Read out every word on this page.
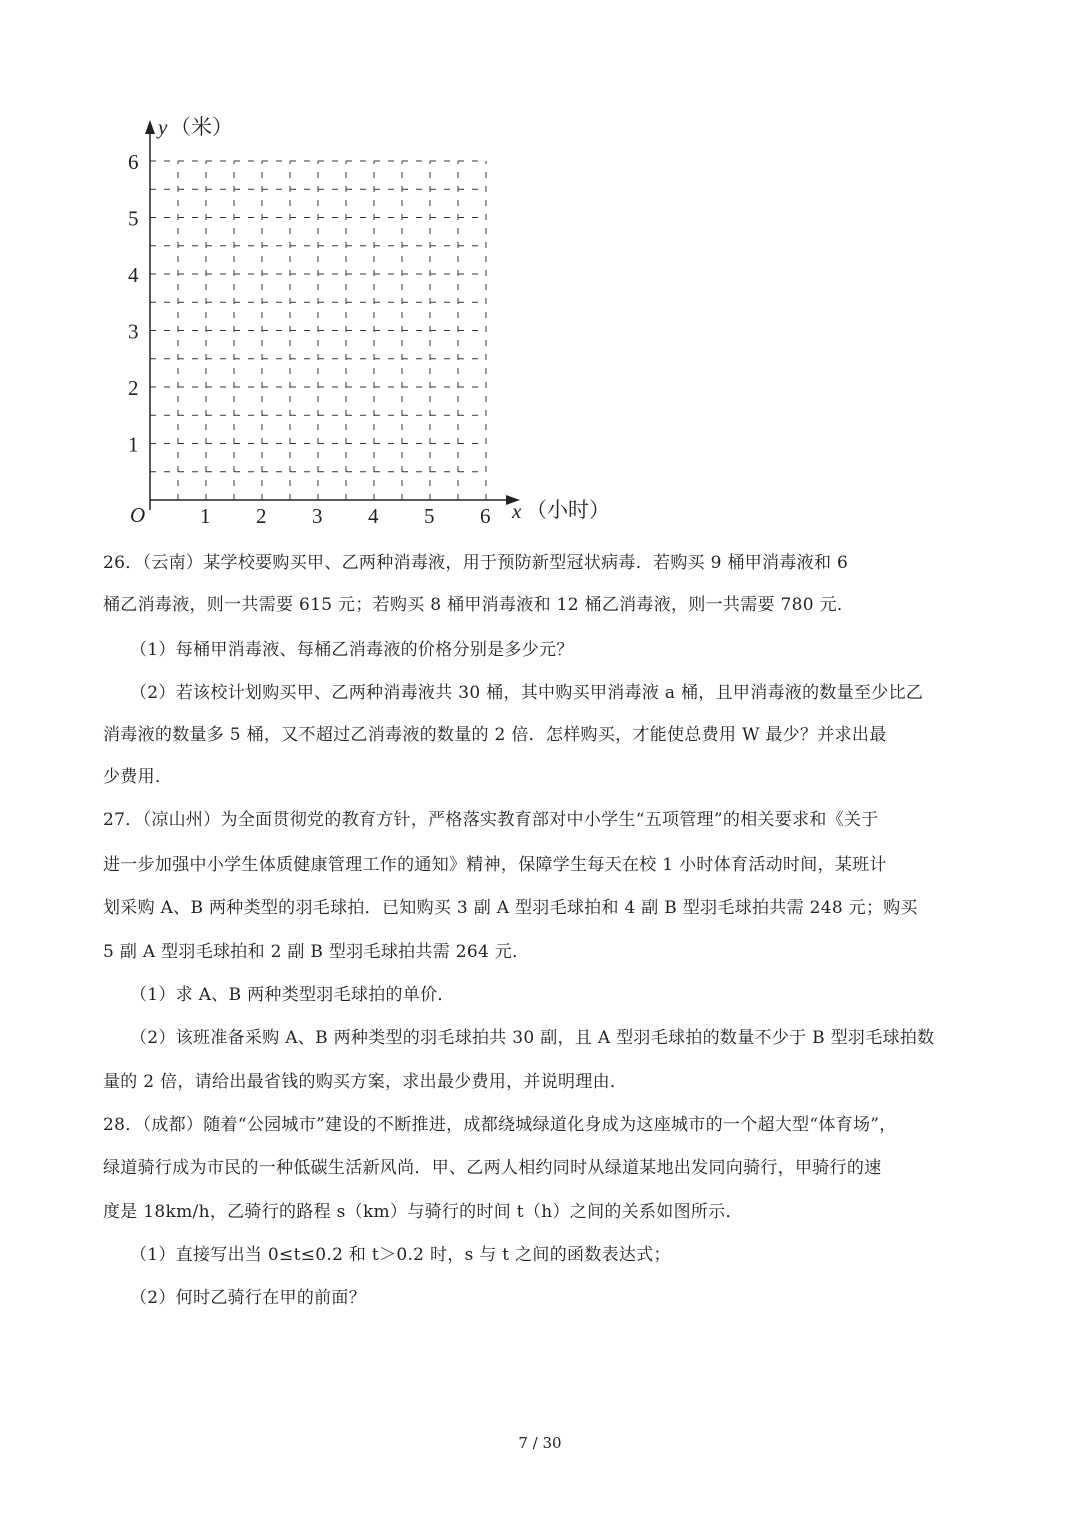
y （米）
x （小时）
O	1 2 3 4 5 6
1
2
3
4
5
6
26．（云南）某学校要购买甲、乙两种消毒液，用于预防新型冠状病毒．若购买 9 桶甲消毒液和 6
桶乙消毒液，则一共需要 615 元；若购买 8 桶甲消毒液和 12 桶乙消毒液，则一共需要 780 元．
（1）每桶甲消毒液、每桶乙消毒液的价格分别是多少元？
（2）若该校计划购买甲、乙两种消毒液共 30 桶，其中购买甲消毒液 a 桶，且甲消毒液的数量至少比乙
消毒液的数量多 5 桶，又不超过乙消毒液的数量的 2 倍．怎样购买，才能使总费用 W 最少？并求出最
少费用．
27．（凉山州）为全面贯彻党的教育方针，严格落实教育部对中小学生“五项管理”的相关要求和《关于
进一步加强中小学生体质健康管理工作的通知》精神，保障学生每天在校 1 小时体育活动时间，某班计
划采购 A、B 两种类型的羽毛球拍．已知购买 3 副 A 型羽毛球拍和 4 副 B 型羽毛球拍共需 248 元；购买
5 副 A 型羽毛球拍和 2 副 B 型羽毛球拍共需 264 元．
（1）求 A、B 两种类型羽毛球拍的单价．
（2）该班准备采购 A、B 两种类型的羽毛球拍共 30 副，且 A 型羽毛球拍的数量不少于 B 型羽毛球拍数
量的 2 倍，请给出最省钱的购买方案，求出最少费用，并说明理由．
28．（成都）随着“公园城市”建设的不断推进，成都绕城绿道化身成为这座城市的一个超大型“体育场”，
绿道骑行成为市民的一种低碳生活新风尚．甲、乙两人相约同时从绿道某地出发同向骑行，甲骑行的速
度是 18km/h，乙骑行的路程 s（km）与骑行的时间 t（h）之间的关系如图所示．
（1）直接写出当 0≤t≤0.2 和 t＞0.2 时，s 与 t 之间的函数表达式；
（2）何时乙骑行在甲的前面？
7 / 30
